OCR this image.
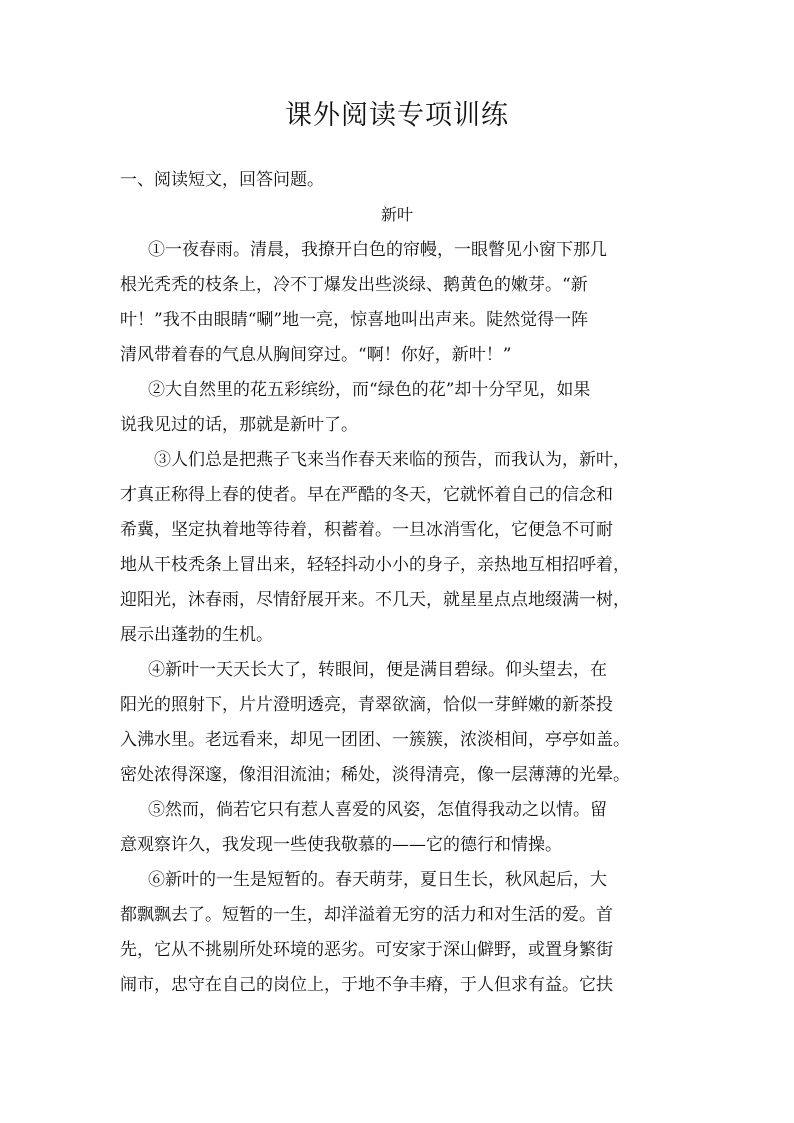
课外阅读专项训练
一、阅读短文，回答问题。
新叶
①一夜春雨。清晨，我撩开白色的帘幔，一眼瞥见小窗下那几
根光秃秃的枝条上，冷不丁爆发出些淡绿、鹅黄色的嫩芽。“新
叶！”我不由眼睛“唰”地一亮，惊喜地叫出声来。陡然觉得一阵
清风带着春的气息从胸间穿过。“啊！你好，新叶！”
②大自然里的花五彩缤纷，而“绿色的花”却十分罕见，如果
说我见过的话，那就是新叶了。
③人们总是把燕子飞来当作春天来临的预告，而我认为，新叶，
才真正称得上春的使者。早在严酷的冬天，它就怀着自己的信念和
希冀，坚定执着地等待着，积蓄着。一旦冰消雪化，它便急不可耐
地从干枝秃条上冒出来，轻轻抖动小小的身子，亲热地互相招呼着，
迎阳光，沐春雨，尽情舒展开来。不几天，就星星点点地缀满一树，
展示出蓬勃的生机。
④新叶一天天长大了，转眼间，便是满目碧绿。仰头望去，在
阳光的照射下，片片澄明透亮，青翠欲滴，恰似一芽鲜嫩的新茶投
入沸水里。老远看来，却见一团团、一簇簇，浓淡相间，亭亭如盖。
密处浓得深邃，像泪泪流油；稀处，淡得清亮，像一层薄薄的光晕。
⑤然而，倘若它只有惹人喜爱的风姿，怎值得我动之以情。留
意观察许久，我发现一些使我敬慕的——它的德行和情操。
⑥新叶的一生是短暂的。春天萌芽，夏日生长，秋风起后，大
都飘飘去了。短暂的一生，却洋溢着无穷的活力和对生活的爱。首
先，它从不挑剔所处环境的恶劣。可安家于深山僻野，或置身繁街
闹市，忠守在自己的岗位上，于地不争丰瘠，于人但求有益。它扶
